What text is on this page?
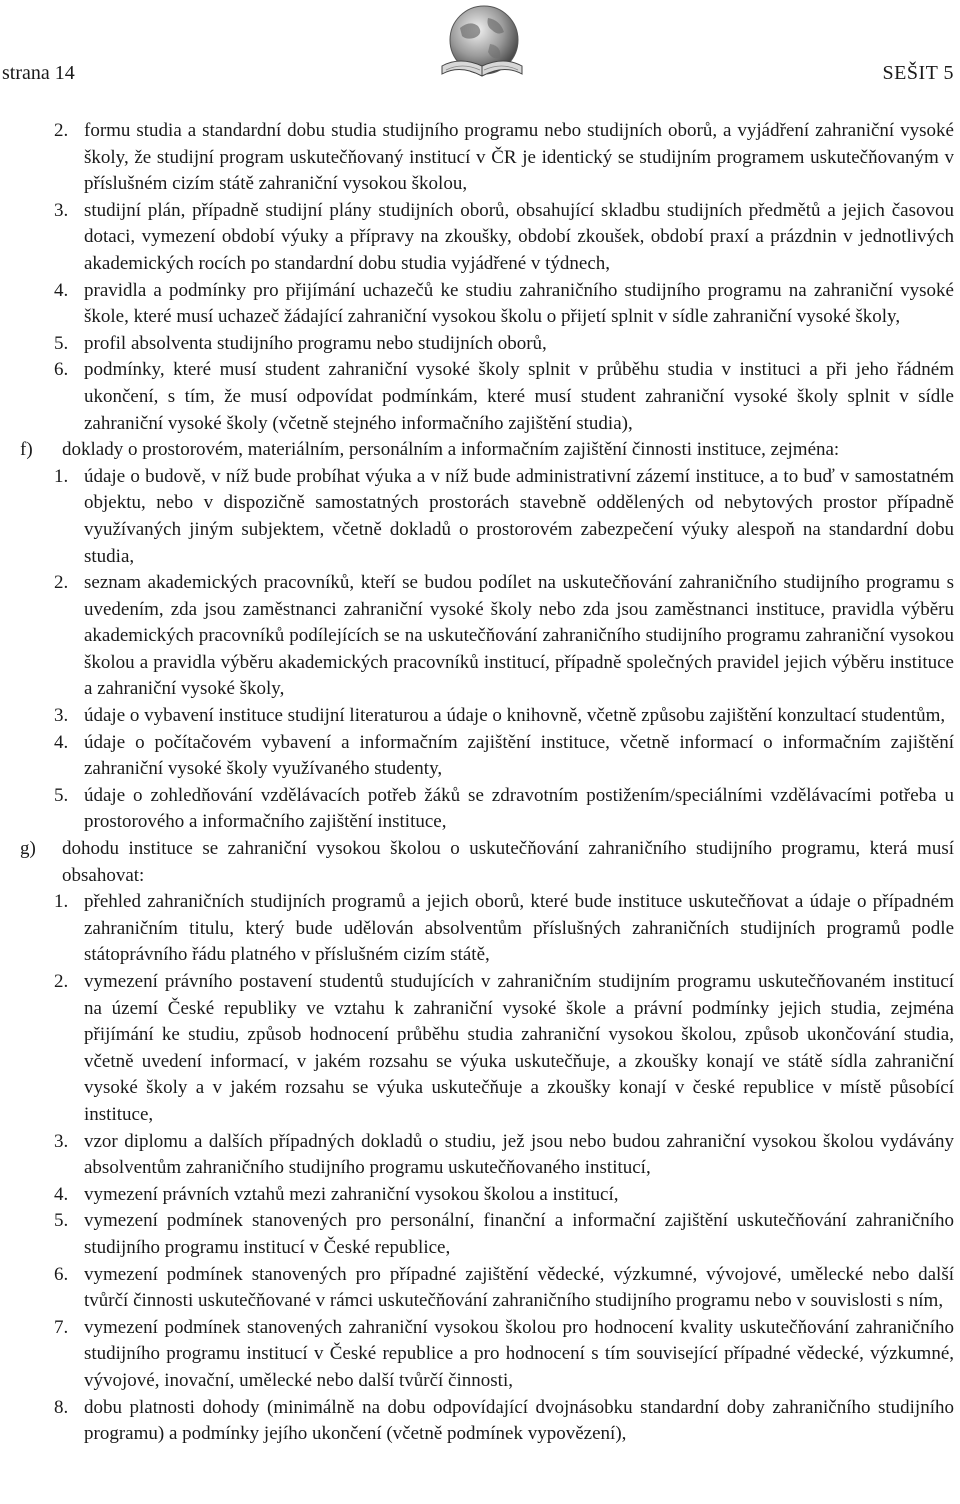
strana 14	SEŠIT 5
2. formu studia a standardní dobu studia studijního programu nebo studijních oborů, a vyjádření zahraniční vysoké školy, že studijní program uskutečňovaný institucí v ČR je identický se studijním programem uskutečňovaným v příslušném cizím státě zahraniční vysokou školou,
3. studijní plán, případně studijní plány studijních oborů, obsahující skladbu studijních předmětů a jejich časovou dotaci, vymezení období výuky a přípravy na zkoušky, období zkoušek, období praxí a prázdnin v jednotlivých akademických rocích po standardní dobu studia vyjádřené v týdnech,
4. pravidla a podmínky pro přijímání uchazečů ke studiu zahraničního studijního programu na zahraniční vysoké škole, které musí uchazeč žádající zahraniční vysokou školu o přijetí splnit v sídle zahraniční vysoké školy,
5. profil absolventa studijního programu nebo studijních oborů,
6. podmínky, které musí student zahraniční vysoké školy splnit v průběhu studia v instituci a při jeho řádném ukončení, s tím, že musí odpovídat podmínkám, které musí student zahraniční vysoké školy splnit v sídle zahraniční vysoké školy (včetně stejného informačního zajištění studia),
f) doklady o prostorovém, materiálním, personálním a informačním zajištění činnosti instituce, zejména:
1. údaje o budově, v níž bude probíhat výuka a v níž bude administrativní zázemí instituce, a to buď v samostatném objektu, nebo v dispozičně samostatných prostorách stavebně oddělených od nebytových prostor případně využívaných jiným subjektem, včetně dokladů o prostorovém zabezpečení výuky alespoň na standardní dobu studia,
2. seznam akademických pracovníků, kteří se budou podílet na uskutečňování zahraničního studijního programu s uvedením, zda jsou zaměstnanci zahraniční vysoké školy nebo zda jsou zaměstnanci instituce, pravidla výběru akademických pracovníků podílejících se na uskutečňování zahraničního studijního programu zahraniční vysokou školou a pravidla výběru akademických pracovníků institucí, případně společných pravidel jejich výběru instituce a zahraniční vysoké školy,
3. údaje o vybavení instituce studijní literaturou a údaje o knihovně, včetně způsobu zajištění konzultací studentům,
4. údaje o počítačovém vybavení a informačním zajištění instituce, včetně informací o informačním zajištění zahraniční vysoké školy využívaného studenty,
5. údaje o zohledňování vzdělávacích potřeb žáků se zdravotním postižením/speciálními vzdělávacími potřeba u prostorového a informačního zajištění instituce,
g) dohodu instituce se zahraniční vysokou školou o uskutečňování zahraničního studijního programu, která musí obsahovat:
1. přehled zahraničních studijních programů a jejich oborů, které bude instituce uskutečňovat a údaje o případném zahraničním titulu, který bude udělován absolventům příslušných zahraničních studijních programů podle státoprávního řádu platného v příslušném cizím státě,
2. vymezení právního postavení studentů studujících v zahraničním studijním programu uskutečňovaném institucí na území České republiky ve vztahu k zahraniční vysoké škole a právní podmínky jejich studia, zejména přijímání ke studiu, způsob hodnocení průběhu studia zahraniční vysokou školou, způsob ukončování studia, včetně uvedení informací, v jakém rozsahu se výuka uskutečňuje, a zkoušky konají ve státě sídla zahraniční vysoké školy a v jakém rozsahu se výuka uskutečňuje a zkoušky konají v české republice v místě působící instituce,
3. vzor diplomu a dalších případných dokladů o studiu, jež jsou nebo budou zahraniční vysokou školou vydávány absolventům zahraničního studijního programu uskutečňovaného institucí,
4. vymezení právních vztahů mezi zahraniční vysokou školou a institucí,
5. vymezení podmínek stanovených pro personální, finanční a informační zajištění uskutečňování zahraničního studijního programu institucí v České republice,
6. vymezení podmínek stanovených pro případné zajištění vědecké, výzkumné, vývojové, umělecké nebo další tvůrčí činnosti uskutečňované v rámci uskutečňování zahraničního studijního programu nebo v souvislosti s ním,
7. vymezení podmínek stanovených zahraniční vysokou školou pro hodnocení kvality uskutečňování zahraničního studijního programu institucí v České republice a pro hodnocení s tím související případné vědecké, výzkumné, vývojové, inovační, umělecké nebo další tvůrčí činnosti,
8. dobu platnosti dohody (minimálně na dobu odpovídající dvojnásobku standardní doby zahraničního studijního programu) a podmínky jejího ukončení (včetně podmínek vypovězení),
